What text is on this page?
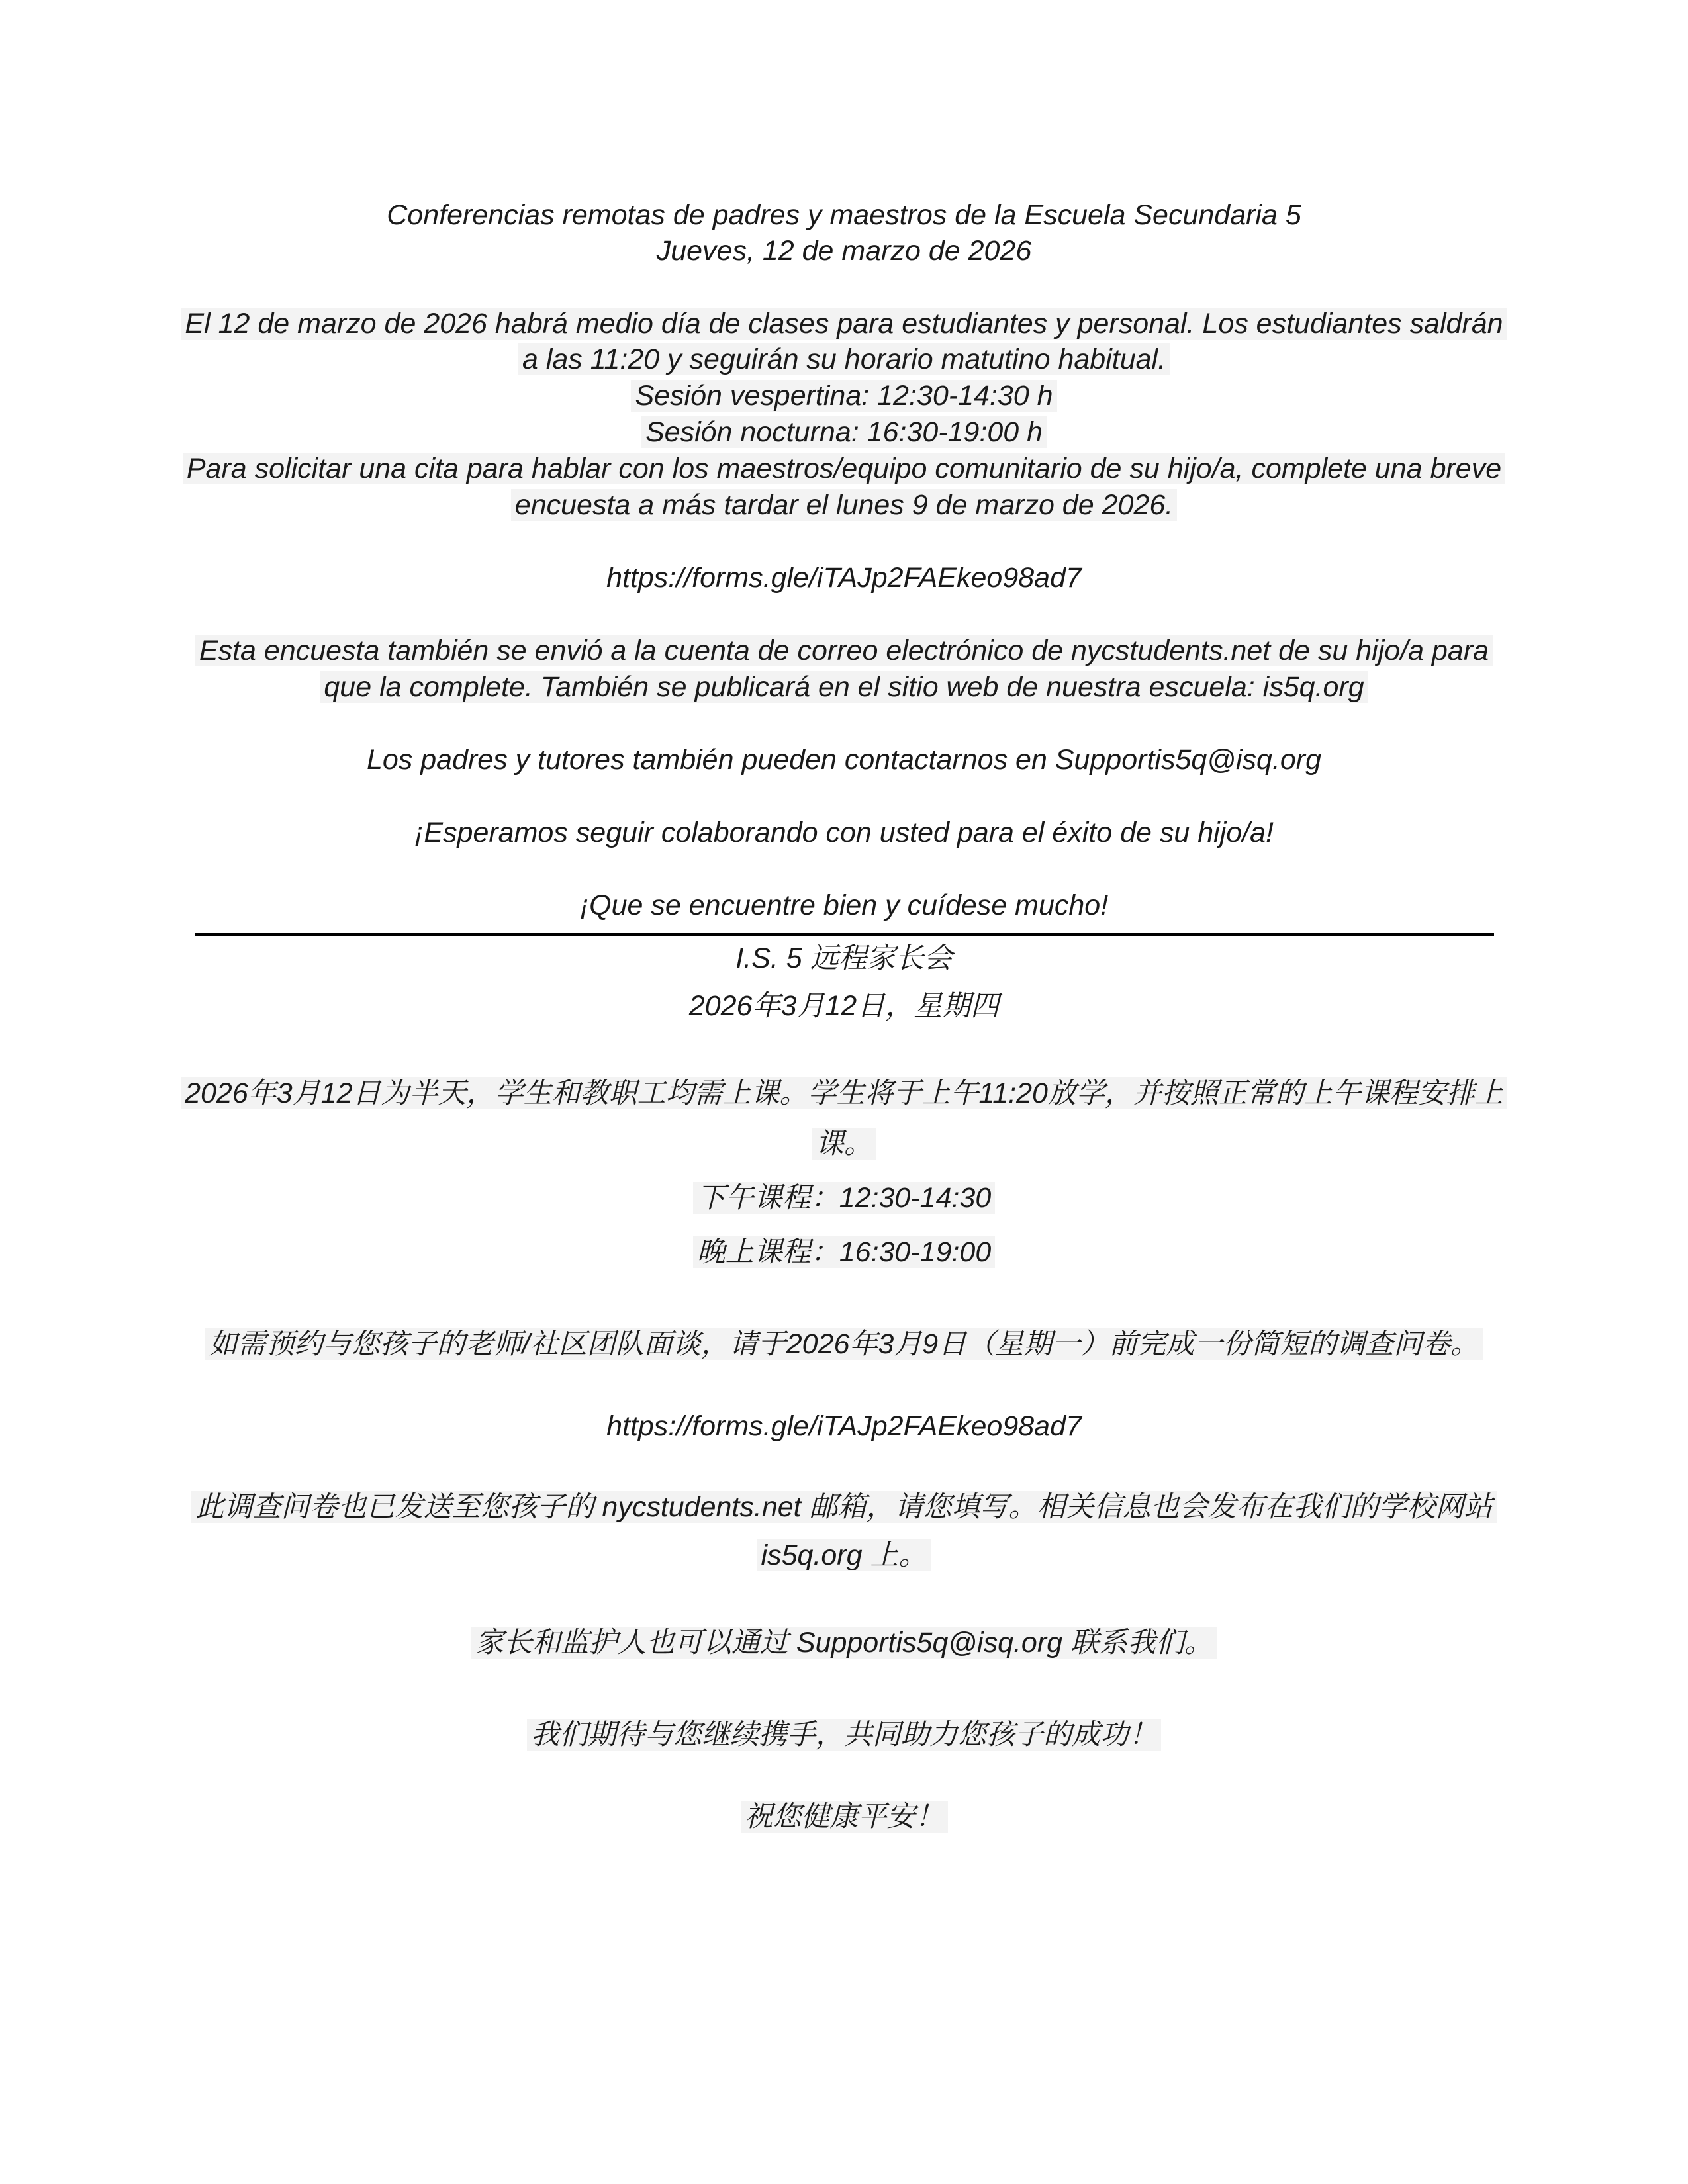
Conferencias remotas de padres y maestros de la Escuela Secundaria 5
Jueves, 12 de marzo de 2026
El 12 de marzo de 2026 habrá medio día de clases para estudiantes y personal. Los estudiantes saldrán
a las 11:20 y seguirán su horario matutino habitual.
Sesión vespertina: 12:30-14:30 h
Sesión nocturna: 16:30-19:00 h
Para solicitar una cita para hablar con los maestros/equipo comunitario de su hijo/a, complete una breve
encuesta a más tardar el lunes 9 de marzo de 2026.
https://forms.gle/iTAJp2FAEkeo98ad7
Esta encuesta también se envió a la cuenta de correo electrónico de nycstudents.net de su hijo/a para
que la complete. También se publicará en el sitio web de nuestra escuela: is5q.org
Los padres y tutores también pueden contactarnos en Supportis5q@isq.org
¡Esperamos seguir colaborando con usted para el éxito de su hijo/a!
¡Que se encuentre bien y cuídese mucho!
I.S. 5 远程家长会
2026年3月12日，星期四
2026年3月12日为半天，学生和教职工均需上课。学生将于上午11:20放学，并按照正常的上午课程安排上
课。
下午课程：12:30-14:30
晚上课程：16:30-19:00
如需预约与您孩子的老师/社区团队面谈，请于2026年3月9日（星期一）前完成一份简短的调查问卷。
https://forms.gle/iTAJp2FAEkeo98ad7
此调查问卷也已发送至您孩子的 nycstudents.net 邮箱，请您填写。相关信息也会发布在我们的学校网站
is5q.org 上。
家长和监护人也可以通过 Supportis5q@isq.org 联系我们。
我们期待与您继续携手，共同助力您孩子的成功！
祝您健康平安！
